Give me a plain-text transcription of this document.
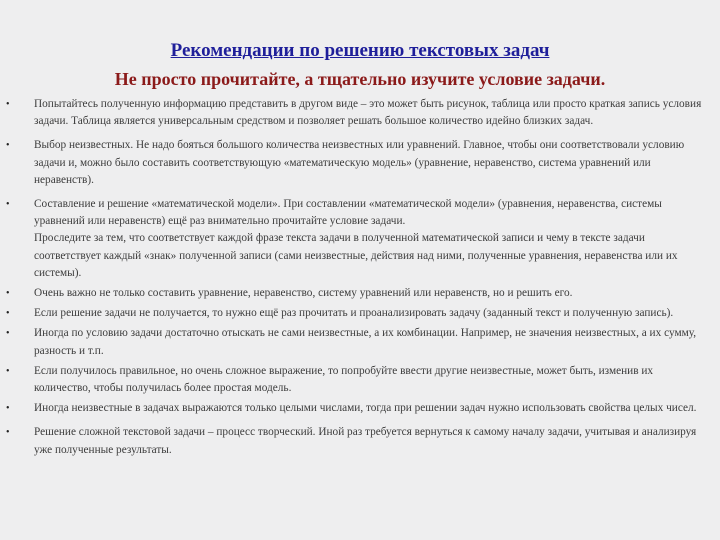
Рекомендации по решению текстовых задач
Не просто прочитайте, а тщательно изучите условие задачи.
• Попытайтесь полученную информацию представить в другом виде – это может быть рисунок, таблица или просто краткая запись условия задачи. Таблица является универсальным средством и позволяет решать большое количество идейно близких задач.
• Выбор неизвестных. Не надо бояться большого количества неизвестных или уравнений. Главное, чтобы они соответствовали условию задачи и, можно было составить соответствующую «математическую модель» (уравнение, неравенство, система уравнений или неравенств).
• Составление и решение «математической модели». При составлении «математической модели» (уравнения, неравенства, системы уравнений или неравенств) ещё раз внимательно прочитайте условие задачи.
Проследите за тем, что соответствует каждой фразе текста задачи в полученной математической записи и чему в тексте задачи соответствует каждый «знак» полученной записи (сами неизвестные, действия над ними, полученные уравнения, неравенства или их системы).
• Очень важно не только составить уравнение, неравенство, систему уравнений или неравенств, но и решить его.
• Если решение задачи не получается, то нужно ещё раз прочитать и проанализировать задачу (заданный текст и полученную запись).
• Иногда по условию задачи достаточно отыскать не сами неизвестные, а их комбинации. Например, не значения неизвестных, а их сумму, разность и т.п.
• Если получилось правильное, но очень сложное выражение, то попробуйте ввести другие неизвестные, может быть, изменив их количество, чтобы получилась более простая модель.
• Иногда неизвестные в задачах выражаются только целыми числами, тогда при решении задач нужно использовать свойства целых чисел.
• Решение сложной текстовой задачи – процесс творческий. Иной раз требуется вернуться к самому началу задачи, учитывая и анализируя уже полученные результаты.
